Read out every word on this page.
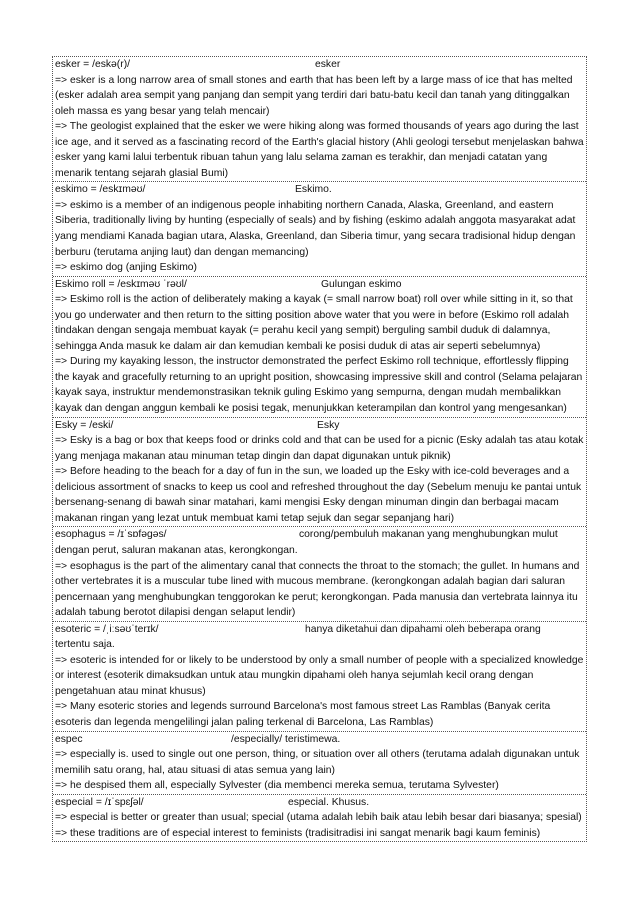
esker = /eskə(r)/	esker
=> esker is a long narrow area of small stones and earth that has been left by a large mass of ice that has melted (esker adalah area sempit yang panjang dan sempit yang terdiri dari batu-batu kecil dan tanah yang ditinggalkan oleh massa es yang besar yang telah mencair)
=> The geologist explained that the esker we were hiking along was formed thousands of years ago during the last ice age, and it served as a fascinating record of the Earth's glacial history (Ahli geologi tersebut menjelaskan bahwa esker yang kami lalui terbentuk ribuan tahun yang lalu selama zaman es terakhir, dan menjadi catatan yang menarik tentang sejarah glasial Bumi)
eskimo = /eskɪməʊ/	Eskimo.
=> eskimo is a member of an indigenous people inhabiting northern Canada, Alaska, Greenland, and eastern Siberia, traditionally living by hunting (especially of seals) and by fishing (eskimo adalah anggota masyarakat adat yang mendiami Kanada bagian utara, Alaska, Greenland, dan Siberia timur, yang secara tradisional hidup dengan berburu (terutama anjing laut) dan dengan memancing)
=> eskimo dog (anjing Eskimo)
Eskimo roll = /eskɪməʊ ˈrəʊl/	Gulungan eskimo
=> Eskimo roll is the action of deliberately making a kayak (= small narrow boat) roll over while sitting in it, so that you go underwater and then return to the sitting position above water that you were in before (Eskimo roll adalah tindakan dengan sengaja membuat kayak (= perahu kecil yang sempit) berguling sambil duduk di dalamnya, sehingga Anda masuk ke dalam air dan kemudian kembali ke posisi duduk di atas air seperti sebelumnya)
=> During my kayaking lesson, the instructor demonstrated the perfect Eskimo roll technique, effortlessly flipping the kayak and gracefully returning to an upright position, showcasing impressive skill and control (Selama pelajaran kayak saya, instruktur mendemonstrasikan teknik guling Eskimo yang sempurna, dengan mudah membalikkan kayak dan dengan anggun kembali ke posisi tegak, menunjukkan keterampilan dan kontrol yang mengesankan)
Esky = /eski/	Esky
=> Esky is a bag or box that keeps food or drinks cold and that can be used for a picnic (Esky adalah tas atau kotak yang menjaga makanan atau minuman tetap dingin dan dapat digunakan untuk piknik)
=> Before heading to the beach for a day of fun in the sun, we loaded up the Esky with ice-cold beverages and a delicious assortment of snacks to keep us cool and refreshed throughout the day (Sebelum menuju ke pantai untuk bersenang-senang di bawah sinar matahari, kami mengisi Esky dengan minuman dingin dan berbagai macam makanan ringan yang lezat untuk membuat kami tetap sejuk dan segar sepanjang hari)
esophagus = /ɪˈsɒfəgəs/	corong/pembuluh makanan yang menghubungkan mulut
dengan perut, saluran makanan atas, kerongkongan.
=> esophagus is the part of the alimentary canal that connects the throat to the stomach; the gullet. In humans and other vertebrates it is a muscular tube lined with mucous membrane. (kerongkongan adalah bagian dari saluran pencernaan yang menghubungkan tenggorokan ke perut; kerongkongan. Pada manusia dan vertebrata lainnya itu adalah tabung berotot dilapisi dengan selaput lendir)
esoteric = /ˌiːsəʊˈterɪk/	hanya diketahui dan dipahami oleh beberapa orang
tertentu saja.
=> esoteric is intended for or likely to be understood by only a small number of people with a specialized knowledge or interest (esoterik dimaksudkan untuk atau mungkin dipahami oleh hanya sejumlah kecil orang dengan pengetahuan atau minat khusus)
=> Many esoteric stories and legends surround Barcelona's most famous street Las Ramblas (Banyak cerita esoteris dan legenda mengelilingi jalan paling terkenal di Barcelona, Las Ramblas)
espec	/especially/ teristimewa.
=> especially is. used to single out one person, thing, or situation over all others (terutama adalah digunakan untuk memilih satu orang, hal, atau situasi di atas semua yang lain)
=> he despised them all, especially Sylvester (dia membenci mereka semua, terutama Sylvester)
especial = /ɪˈspɛʃəl/	especial. Khusus.
=> especial is better or greater than usual; special (utama adalah lebih baik atau lebih besar dari biasanya; spesial)
=> these traditions are of especial interest to feminists (tradisitradisi ini sangat menarik bagi kaum feminis)
